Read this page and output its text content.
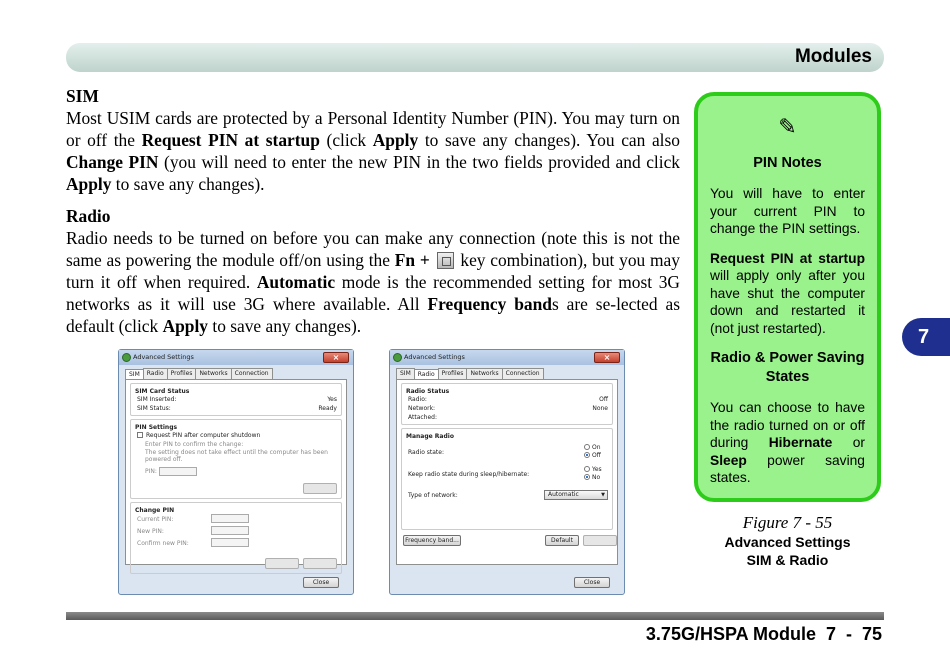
Modules
7
SIM

Most USIM cards are protected by a Personal Identity Number (PIN). You may turn on or off the Request PIN at startup (click Apply to save any changes). You can also Change PIN (you will need to enter the new PIN in the two fields provided and click Apply to save any changes).

Radio

Radio needs to be turned on before you can make any connection (note this is not the same as powering the module off/on using the Fn +  key combination), but you may turn it off when required. Automatic mode is the recommended setting for most 3G networks as it will use 3G where available. All Frequency bands are se-lected as default (click Apply to save any changes).

Advanced Settings	×
SIM	Radio	Profiles	Networks	Connection
SIM Card Status
SIM Inserted:	Yes
SIM Status:	Ready
PIN Settings
Request PIN after computer shutdown
Enter PIN to confirm the change:
The setting does not take effect until the computer has been
powered off.
PIN:
Change PIN
Current PIN:
New PIN:
Confirm new PIN:
Close
Advanced Settings	×
SIM	Radio	Profiles	Networks	Connection
Radio Status
Radio:	Off
Network:	None
Attached:
Manage Radio
Radio state:
On
Off
Keep radio state during sleep/hibernate:
Yes
No
Type of network:	Automatic	▼
Frequency band...	Default
Close
✎
PIN Notes

You will have to enter your current PIN to change the PIN settings.

Request PIN at startup will apply only after you have shut the computer down and restarted it (not just restarted).

Radio & Power Saving States

You can choose to have the radio turned on or off during Hibernate or Sleep power saving states.

Figure 7 - 55
Advanced Settings
SIM & Radio
3.75G/HSPA Module  7  -  75
